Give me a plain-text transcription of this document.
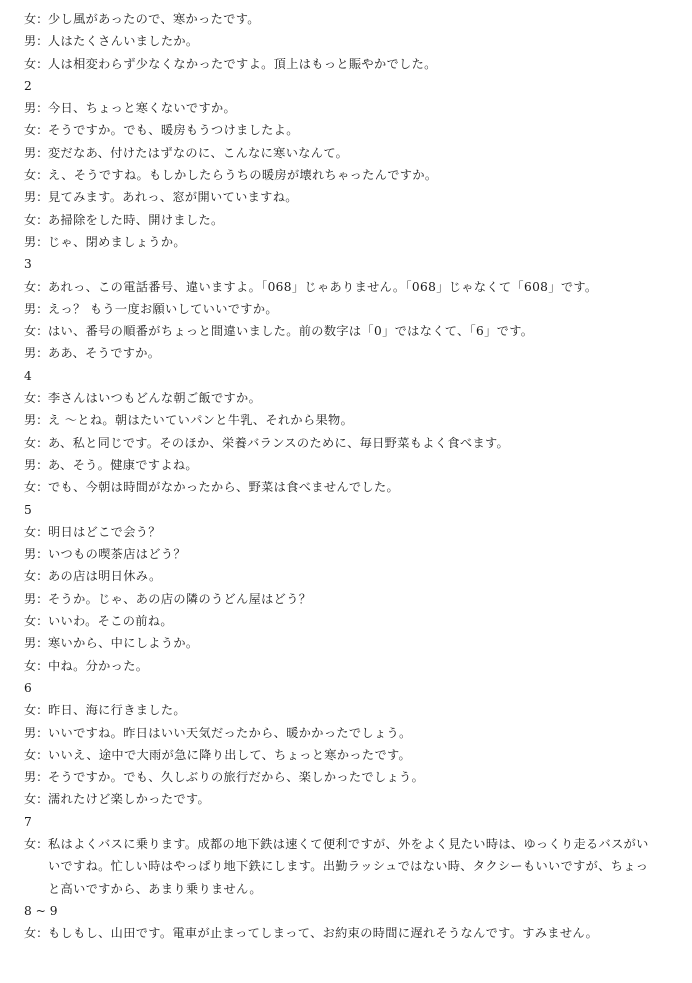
女： 少し風があったので、寒かったです。
男： 人はたくさんいましたか。
女： 人は相変わらず少なくなかったですよ。頂上はもっと賑やかでした。
2
男： 今日、ちょっと寒くないですか。
女： そうですか。でも、暖房もうつけましたよ。
男： 変だなあ、付けたはずなのに、こんなに寒いなんて。
女： え、そうですね。もしかしたらうちの暖房が壊れちゃったんですか。
男： 見てみます。あれっ、窓が開いていますね。
女： あ掃除をした時、開けました。
男： じゃ、閉めましょうか。
3
女： あれっ、この電話番号、違いますよ。「068」じゃありません。「068」じゃなくて「608」です。
男： えっ？ もう一度お願いしていいですか。
女： はい、番号の順番がちょっと間違いました。前の数字は「0」ではなくて、「6」です。
男： ああ、そうですか。
4
女： 李さんはいつもどんな朝ご飯ですか。
男： え ～とね。朝はたいていパンと牛乳、それから果物。
女： あ、私と同じです。そのほか、栄養バランスのために、毎日野菜もよく食べます。
男： あ、そう。健康ですよね。
女： でも、今朝は時間がなかったから、野菜は食べませんでした。
5
女： 明日はどこで会う？
男： いつもの喫茶店はどう？
女： あの店は明日休み。
男： そうか。じゃ、あの店の隣のうどん屋はどう？
女： いいわ。そこの前ね。
男： 寒いから、中にしようか。
女： 中ね。分かった。
6
女： 昨日、海に行きました。
男： いいですね。昨日はいい天気だったから、暖かかったでしょう。
女： いいえ、途中で大雨が急に降り出して、ちょっと寒かったです。
男： そうですか。でも、久しぶりの旅行だから、楽しかったでしょう。
女： 濡れたけど楽しかったです。
7
女： 私はよくバスに乗ります。成都の地下鉄は速くて便利ですが、外をよく見たい時は、ゆっくり走るバスがいいですね。忙しい時はやっぱり地下鉄にします。出勤ラッシュではない時、タクシーもいいですが、ちょっと高いですから、あまり乗りません。
8 ~ 9
女： もしもし、山田です。電車が止まってしまって、お約束の時間に遅れそうなんです。すみません。
